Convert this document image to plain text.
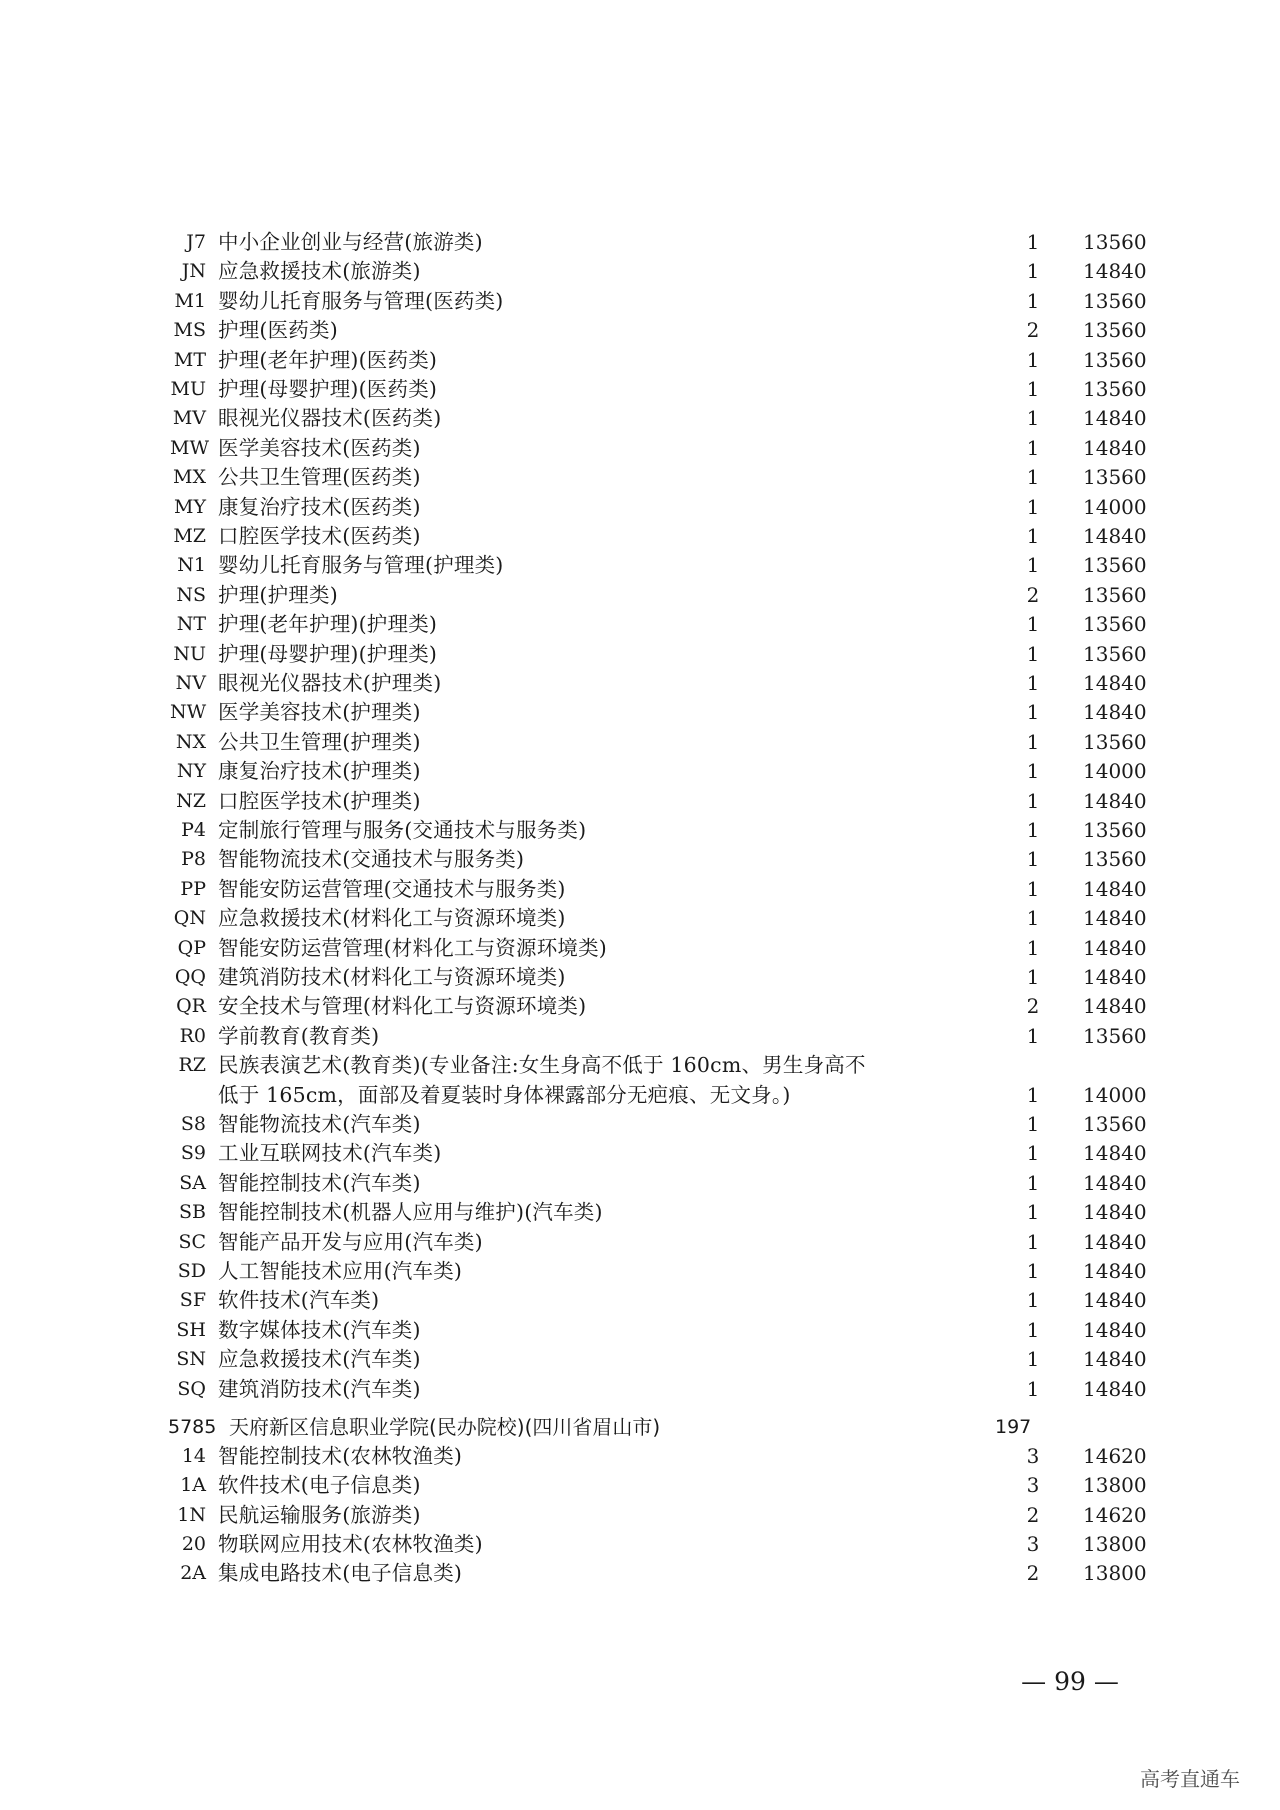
J7 中小企业创业与经营(旅游类)	1	13560
JN 应急救援技术(旅游类)	1	14840
M1 婴幼儿托育服务与管理(医药类)	1	13560
MS 护理(医药类)	2	13560
MT 护理(老年护理)(医药类)	1	13560
MU 护理(母婴护理)(医药类)	1	13560
MV 眼视光仪器技术(医药类)	1	14840
MW 医学美容技术(医药类)	1	14840
MX 公共卫生管理(医药类)	1	13560
MY 康复治疗技术(医药类)	1	14000
MZ 口腔医学技术(医药类)	1	14840
N1 婴幼儿托育服务与管理(护理类)	1	13560
NS 护理(护理类)	2	13560
NT 护理(老年护理)(护理类)	1	13560
NU 护理(母婴护理)(护理类)	1	13560
NV 眼视光仪器技术(护理类)	1	14840
NW 医学美容技术(护理类)	1	14840
NX 公共卫生管理(护理类)	1	13560
NY 康复治疗技术(护理类)	1	14000
NZ 口腔医学技术(护理类)	1	14840
P4 定制旅行管理与服务(交通技术与服务类)	1	13560
P8 智能物流技术(交通技术与服务类)	1	13560
PP 智能安防运营管理(交通技术与服务类)	1	14840
QN 应急救援技术(材料化工与资源环境类)	1	14840
QP 智能安防运营管理(材料化工与资源环境类)	1	14840
QQ 建筑消防技术(材料化工与资源环境类)	1	14840
QR 安全技术与管理(材料化工与资源环境类)	2	14840
R0 学前教育(教育类)	1	13560
RZ 民族表演艺术(教育类)(专业备注:女生身高不低于 160cm、男生身高不
低于 165cm，面部及着夏装时身体裸露部分无疤痕、无文身。)	1	14000
S8 智能物流技术(汽车类)	1	13560
S9 工业互联网技术(汽车类)	1	14840
SA 智能控制技术(汽车类)	1	14840
SB 智能控制技术(机器人应用与维护)(汽车类)	1	14840
SC 智能产品开发与应用(汽车类)	1	14840
SD 人工智能技术应用(汽车类)	1	14840
SF 软件技术(汽车类)	1	14840
SH 数字媒体技术(汽车类)	1	14840
SN 应急救援技术(汽车类)	1	14840
SQ 建筑消防技术(汽车类)	1	14840
5785 天府新区信息职业学院(民办院校)(四川省眉山市)	197
14 智能控制技术(农林牧渔类)	3	14620
1A 软件技术(电子信息类)	3	13800
1N 民航运输服务(旅游类)	2	14620
20 物联网应用技术(农林牧渔类)	3	13800
2A 集成电路技术(电子信息类)	2	13800
— 99 —
高考直通车
